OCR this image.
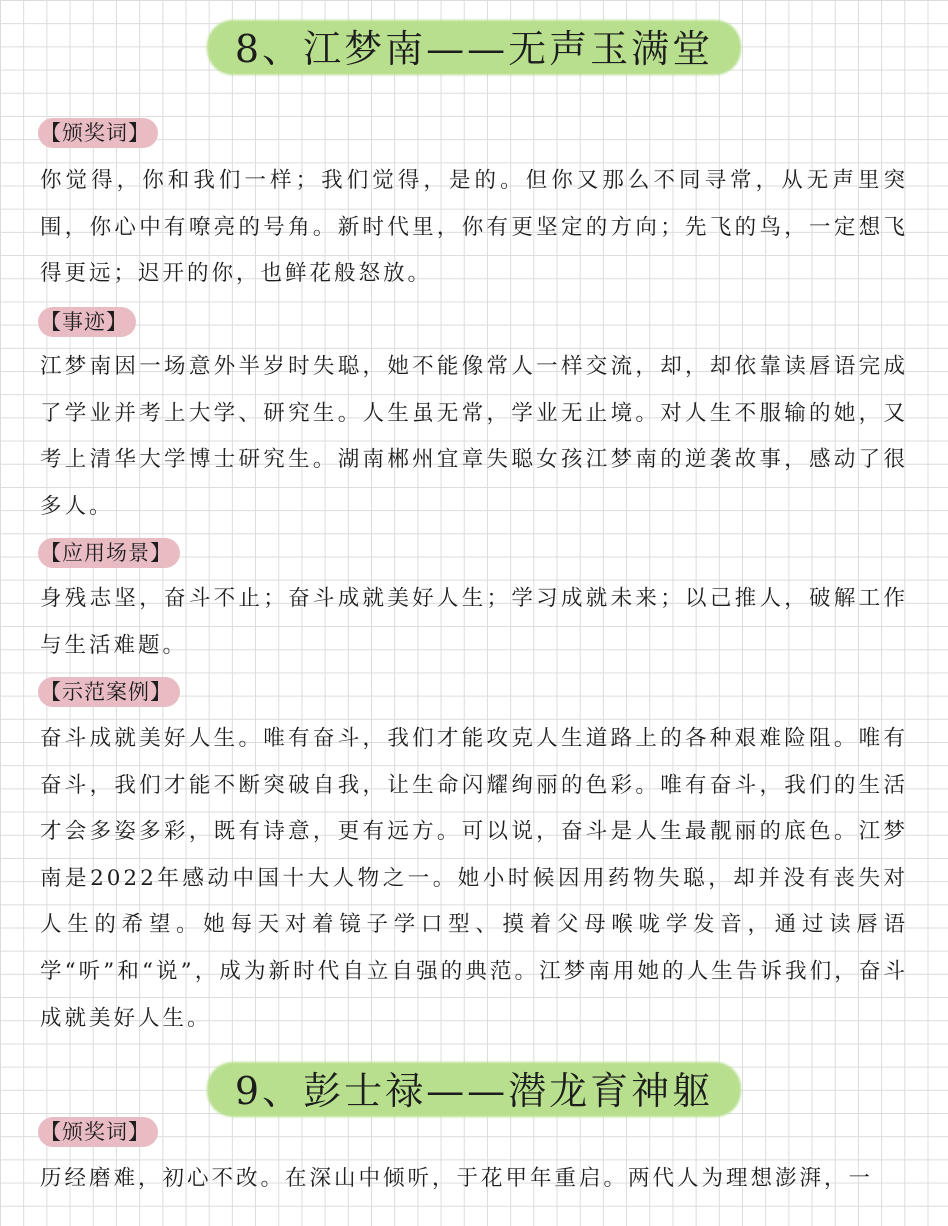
8、江梦南——无声玉满堂
【颁奖词】

你觉得，你和我们一样；我们觉得，是的。但你又那么不同寻常，从无声里突围，你心中有嘹亮的号角。新时代里，你有更坚定的方向；先飞的鸟，一定想飞得更远；迟开的你，也鲜花般怒放。

【事迹】

江梦南因一场意外半岁时失聪，她不能像常人一样交流，却，却依靠读唇语完成了学业并考上大学、研究生。人生虽无常，学业无止境。对人生不服输的她，又考上清华大学博士研究生。湖南郴州宜章失聪女孩江梦南的逆袭故事，感动了很多人。

【应用场景】

身残志坚，奋斗不止；奋斗成就美好人生；学习成就未来；以己推人，破解工作与生活难题。

【示范案例】

奋斗成就美好人生。唯有奋斗，我们才能攻克人生道路上的各种艰难险阻。唯有奋斗，我们才能不断突破自我，让生命闪耀绚丽的色彩。唯有奋斗，我们的生活才会多姿多彩，既有诗意，更有远方。可以说，奋斗是人生最靓丽的底色。江梦南是2022年感动中国十大人物之一。她小时候因用药物失聪，却并没有丧失对人生的希望。她每天对着镜子学口型、摸着父母喉咙学发音，通过读唇语学“听”和“说”，成为新时代自立自强的典范。江梦南用她的人生告诉我们，奋斗成就美好人生。

9、彭士禄——潜龙育神躯
【颁奖词】

历经磨难，初心不改。在深山中倾听，于花甲年重启。两代人为理想澎湃，一
